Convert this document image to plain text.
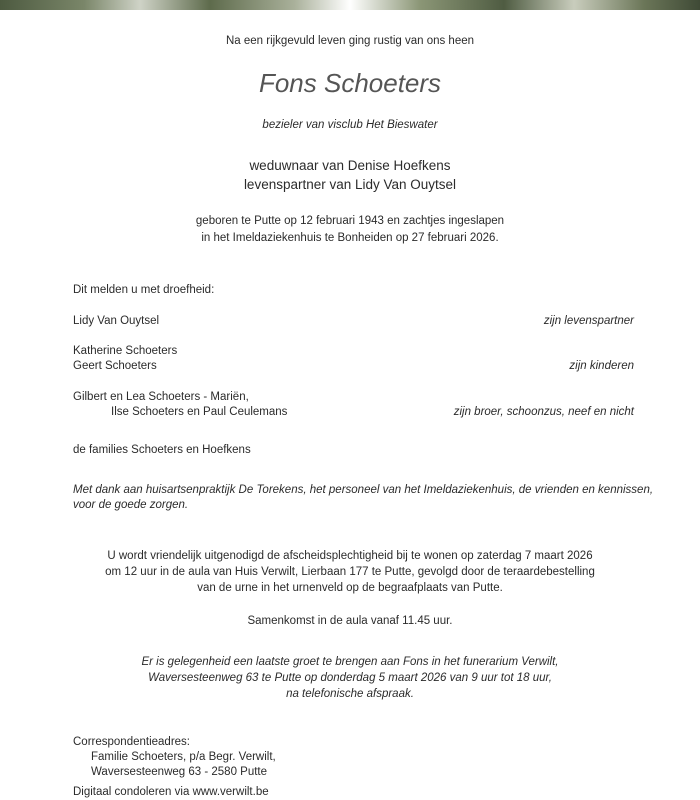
Na een rijkgevuld leven ging rustig van ons heen
Fons Schoeters
bezieler van visclub Het Bieswater
weduwnaar van Denise Hoefkens
levenspartner van Lidy Van Ouytsel
geboren te Putte op 12 februari 1943 en zachtjes ingeslapen
in het Imeldaziekenhuis te Bonheiden op 27 februari 2026.
Dit melden u met droefheid:
Lidy Van Ouytsel	zijn levenspartner
Katherine Schoeters
Geert Schoeters	zijn kinderen
Gilbert en Lea Schoeters - Mariën,
Ilse Schoeters en Paul Ceulemans	zijn broer, schoonzus, neef en nicht
de families Schoeters en Hoefkens
Met dank aan huisartsenpraktijk De Torekens, het personeel van het Imeldaziekenhuis, de vrienden en kennissen,
voor de goede zorgen.
U wordt vriendelijk uitgenodigd de afscheidsplechtigheid bij te wonen op zaterdag 7 maart 2026
om 12 uur in de aula van Huis Verwilt, Lierbaan 177 te Putte, gevolgd door de teraardebestelling
van de urne in het urnenveld op de begraafplaats van Putte.
Samenkomst in de aula vanaf 11.45 uur.
Er is gelegenheid een laatste groet te brengen aan Fons in het funerarium Verwilt,
Waversesteenweg 63 te Putte op donderdag 5 maart 2026 van 9 uur tot 18 uur,
na telefonische afspraak.
Correspondentieadres:
Familie Schoeters, p/a Begr. Verwilt,
Waversesteenweg 63 - 2580 Putte
Digitaal condoleren via www.verwilt.be
